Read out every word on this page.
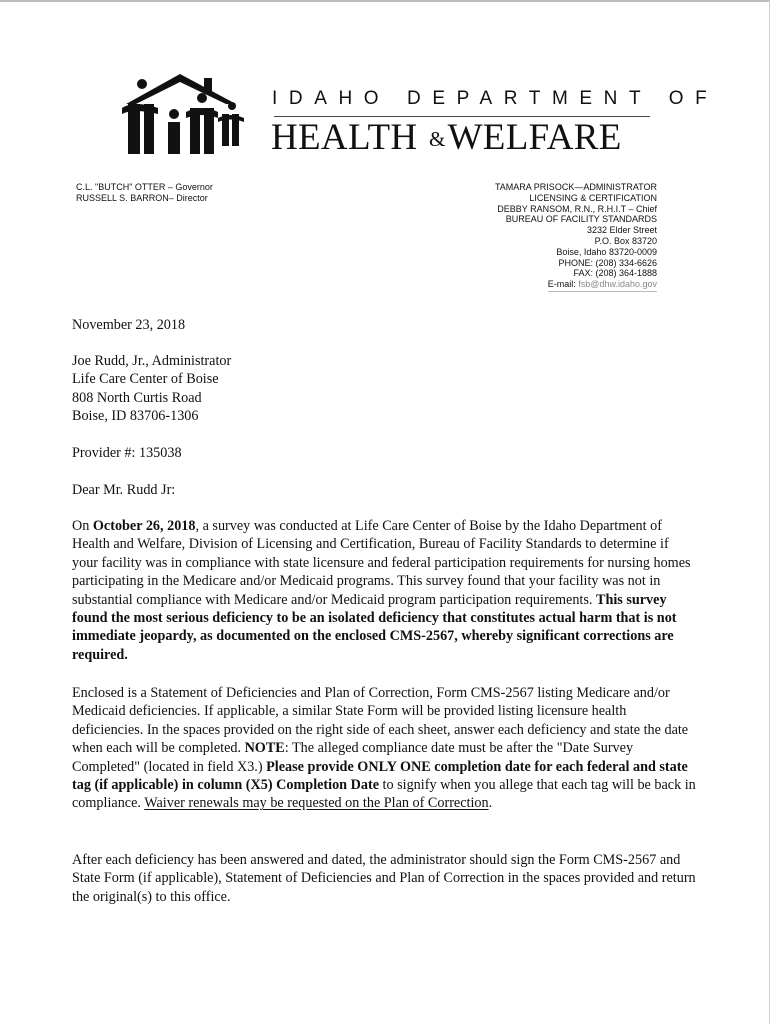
IDAHO DEPARTMENT OF
HEALTH &WELFARE
C.L. "BUTCH" OTTER – Governor
RUSSELL S. BARRON– Director
TAMARA PRISOCK—ADMINISTRATOR
LICENSING & CERTIFICATION
DEBBY RANSOM, R.N., R.H.I.T – Chief
BUREAU OF FACILITY STANDARDS
3232 Elder Street
P.O. Box 83720
Boise, Idaho 83720-0009
PHONE: (208) 334-6626
FAX: (208) 364-1888
E-mail: fsb@dhw.idaho.gov
November 23, 2018
Joe Rudd, Jr., Administrator
Life Care Center of Boise
808 North Curtis Road
Boise, ID 83706-1306
Provider #: 135038
Dear Mr. Rudd Jr:

On October 26, 2018, a survey was conducted at Life Care Center of Boise by the Idaho Department of Health and Welfare, Division of Licensing and Certification, Bureau of Facility Standards to determine if your facility was in compliance with state licensure and federal participation requirements for nursing homes participating in the Medicare and/or Medicaid programs. This survey found that your facility was not in substantial compliance with Medicare and/or Medicaid program participation requirements. This survey found the most serious deficiency to be an isolated deficiency that constitutes actual harm that is not immediate jeopardy, as documented on the enclosed CMS-2567, whereby significant corrections are required.

Enclosed is a Statement of Deficiencies and Plan of Correction, Form CMS-2567 listing Medicare and/or Medicaid deficiencies. If applicable, a similar State Form will be provided listing licensure health deficiencies. In the spaces provided on the right side of each sheet, answer each deficiency and state the date when each will be completed. NOTE: The alleged compliance date must be after the "Date Survey Completed" (located in field X3.) Please provide ONLY ONE completion date for each federal and state tag (if applicable) in column (X5) Completion Date to signify when you allege that each tag will be back in compliance. Waiver renewals may be requested on the Plan of Correction.

After each deficiency has been answered and dated, the administrator should sign the Form CMS-2567 and State Form (if applicable), Statement of Deficiencies and Plan of Correction in the spaces provided and return the original(s) to this office.
